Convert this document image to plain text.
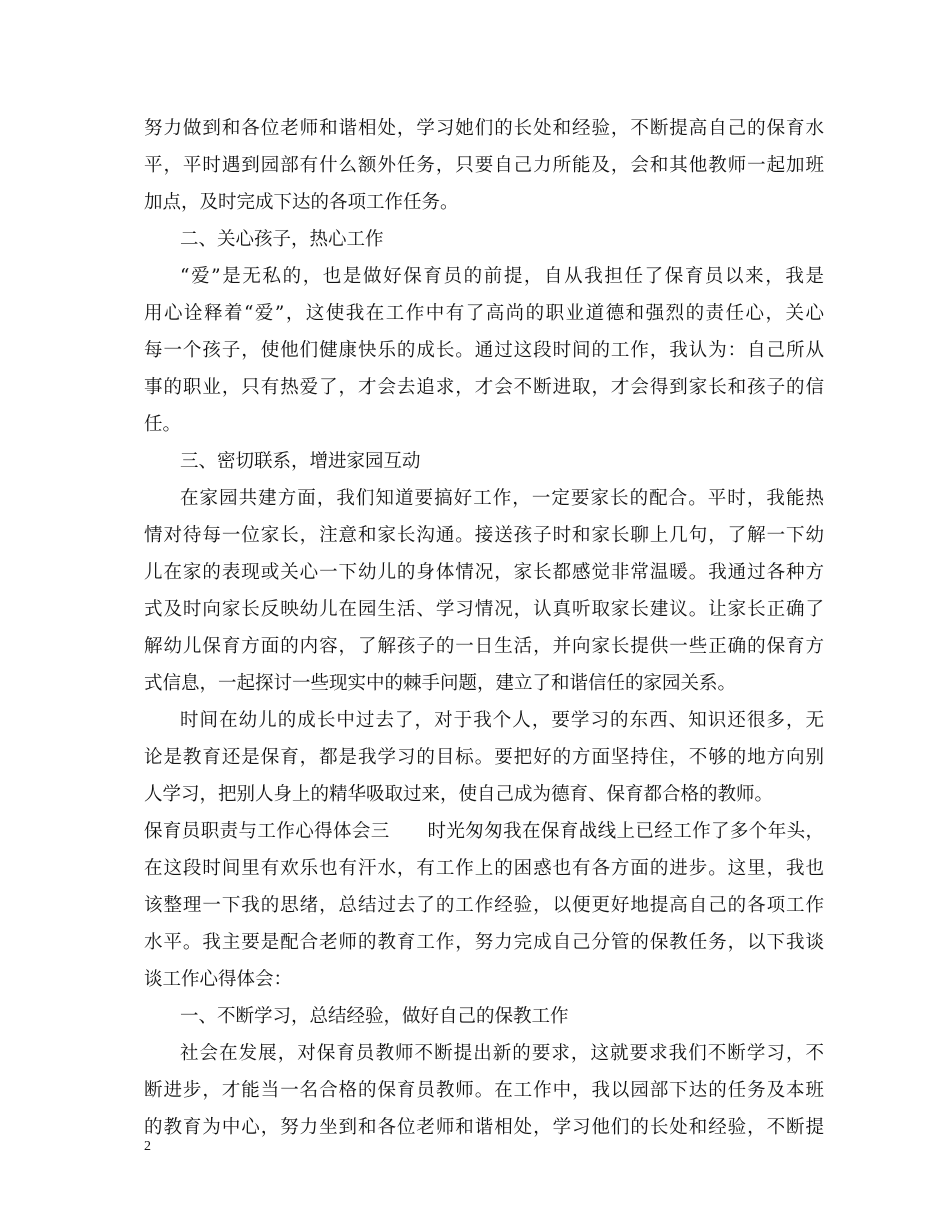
努力做到和各位老师和谐相处，学习她们的长处和经验，不断提高自己的保育水
平，平时遇到园部有什么额外任务，只要自己力所能及，会和其他教师一起加班
加点，及时完成下达的各项工作任务。
二、关心孩子，热心工作
“爱”是无私的，也是做好保育员的前提，自从我担任了保育员以来，我是
用心诠释着“爱”，这使我在工作中有了高尚的职业道德和强烈的责任心，关心
每一个孩子，使他们健康快乐的成长。通过这段时间的工作，我认为：自己所从
事的职业，只有热爱了，才会去追求，才会不断进取，才会得到家长和孩子的信
任。
三、密切联系，增进家园互动
在家园共建方面，我们知道要搞好工作，一定要家长的配合。平时，我能热
情对待每一位家长，注意和家长沟通。接送孩子时和家长聊上几句，了解一下幼
儿在家的表现或关心一下幼儿的身体情况，家长都感觉非常温暖。我通过各种方
式及时向家长反映幼儿在园生活、学习情况，认真听取家长建议。让家长正确了
解幼儿保育方面的内容，了解孩子的一日生活，并向家长提供一些正确的保育方
式信息，一起探讨一些现实中的棘手问题，建立了和谐信任的家园关系。
时间在幼儿的成长中过去了，对于我个人，要学习的东西、知识还很多，无
论是教育还是保育，都是我学习的目标。要把好的方面坚持住，不够的地方向别
人学习，把别人身上的精华吸取过来，使自己成为德育、保育都合格的教师。
保育员职责与工作心得体会三　　时光匆匆我在保育战线上已经工作了多个年头，
在这段时间里有欢乐也有汗水，有工作上的困惑也有各方面的进步。这里，我也
该整理一下我的思绪，总结过去了的工作经验，以便更好地提高自己的各项工作
水平。我主要是配合老师的教育工作，努力完成自己分管的保教任务，以下我谈
谈工作心得体会：
一、不断学习，总结经验，做好自己的保教工作
社会在发展，对保育员教师不断提出新的要求，这就要求我们不断学习，不
断进步，才能当一名合格的保育员教师。在工作中，我以园部下达的任务及本班
的教育为中心，努力坐到和各位老师和谐相处，学习他们的长处和经验，不断提
2
